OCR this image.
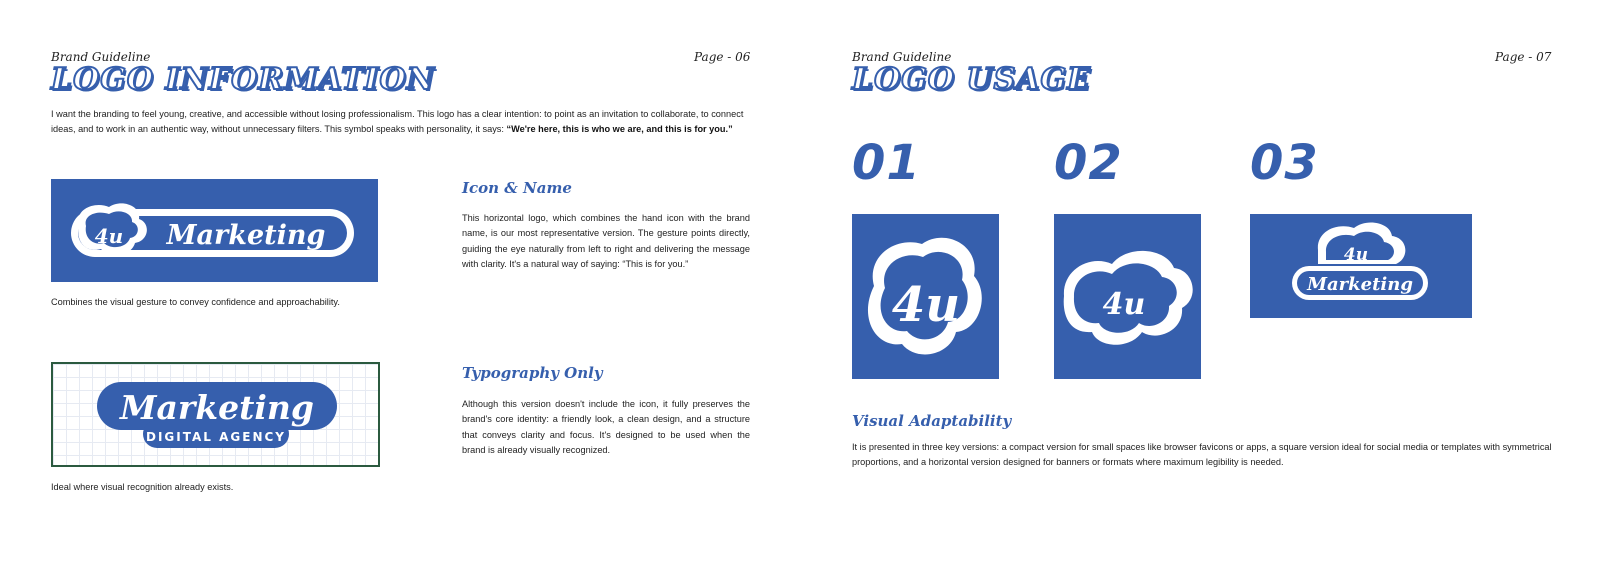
Brand Guideline	Page - 06
LOGO INFORMATION
I want the branding to feel young, creative, and accessible without losing professionalism. This logo has a clear intention: to point as an invitation to collaborate, to connect ideas, and to work in an authentic way, without unnecessary filters. This symbol speaks with personality, it says: “We're here, this is who we are, and this is for you.”
4u Marketing
Combines the visual gesture to convey confidence and approachability.
Icon & Name
This horizontal logo, which combines the hand icon with the brand name, is our most representative version. The gesture points directly, guiding the eye naturally from left to right and delivering the message with clarity. It's a natural way of saying: “This is for you.”
Marketing
DIGITAL AGENCY
Ideal where visual recognition already exists.
Typography Only
Although this version doesn't include the icon, it fully preserves the brand's core identity: a friendly look, a clean design, and a structure that conveys clarity and focus. It's designed to be used when the brand is already visually recognized.
Brand Guideline	Page - 07
LOGO USAGE
01	02	03
4u	4u
4u
Marketing
Visual Adaptability
It is presented in three key versions: a compact version for small spaces like browser favicons or apps, a square version ideal for social media or templates with symmetrical proportions, and a horizontal version designed for banners or formats where maximum legibility is needed.
